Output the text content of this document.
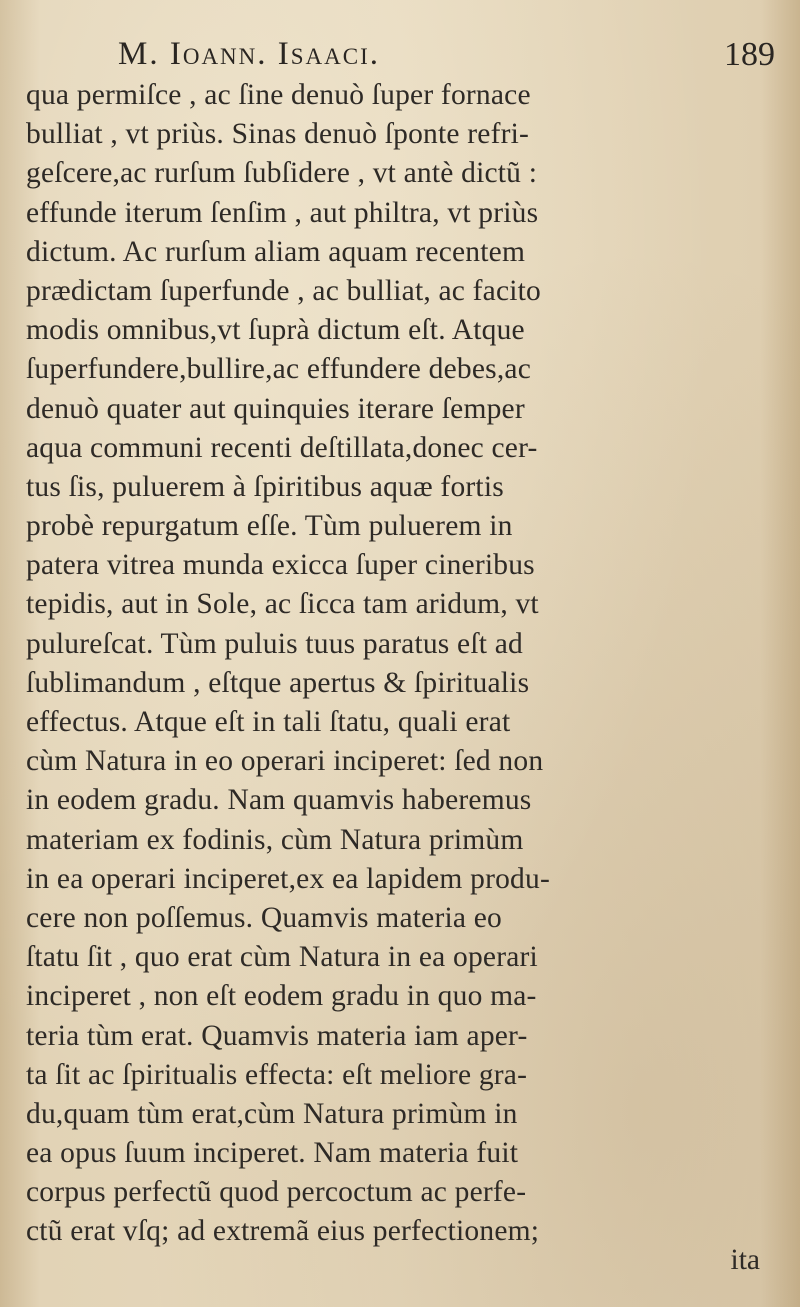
M. Ioann. Isaaci.	189
qua permiſce , ac ſine denuò ſuper fornace
bulliat , vt priùs. Sinas denuò ſponte refri-
geſcere,ac rurſum ſubſidere , vt antè dictũ :
effunde iterum ſenſim , aut philtra, vt priùs
dictum. Ac rurſum aliam aquam recentem
prædictam ſuperfunde , ac bulliat, ac facito
modis omnibus,vt ſuprà dictum eſt. Atque
ſuperfundere,bullire,ac effundere debes,ac
denuò quater aut quinquies iterare ſemper
aqua communi recenti deſtillata,donec cer-
tus ſis, puluerem à ſpiritibus aquæ fortis
probè repurgatum eſſe. Tùm puluerem in
patera vitrea munda exicca ſuper cineribus
tepidis, aut in Sole, ac ſicca tam aridum, vt
pulureſcat. Tùm puluis tuus paratus eſt ad
ſublimandum , eſtque apertus & ſpiritualis
effectus. Atque eſt in tali ſtatu, quali erat
cùm Natura in eo operari inciperet: ſed non
in eodem gradu. Nam quamvis haberemus
materiam ex fodinis, cùm Natura primùm
in ea operari inciperet,ex ea lapidem produ-
cere non poſſemus. Quamvis materia eo
ſtatu ſit , quo erat cùm Natura in ea operari
inciperet , non eſt eodem gradu in quo ma-
teria tùm erat. Quamvis materia iam aper-
ta ſit ac ſpiritualis effecta: eſt meliore gra-
du,quam tùm erat,cùm Natura primùm in
ea opus ſuum inciperet. Nam materia fuit
corpus perfectũ quod percoctum ac perfe-
ctũ erat vſq; ad extremã eius perfectionem;
ita
